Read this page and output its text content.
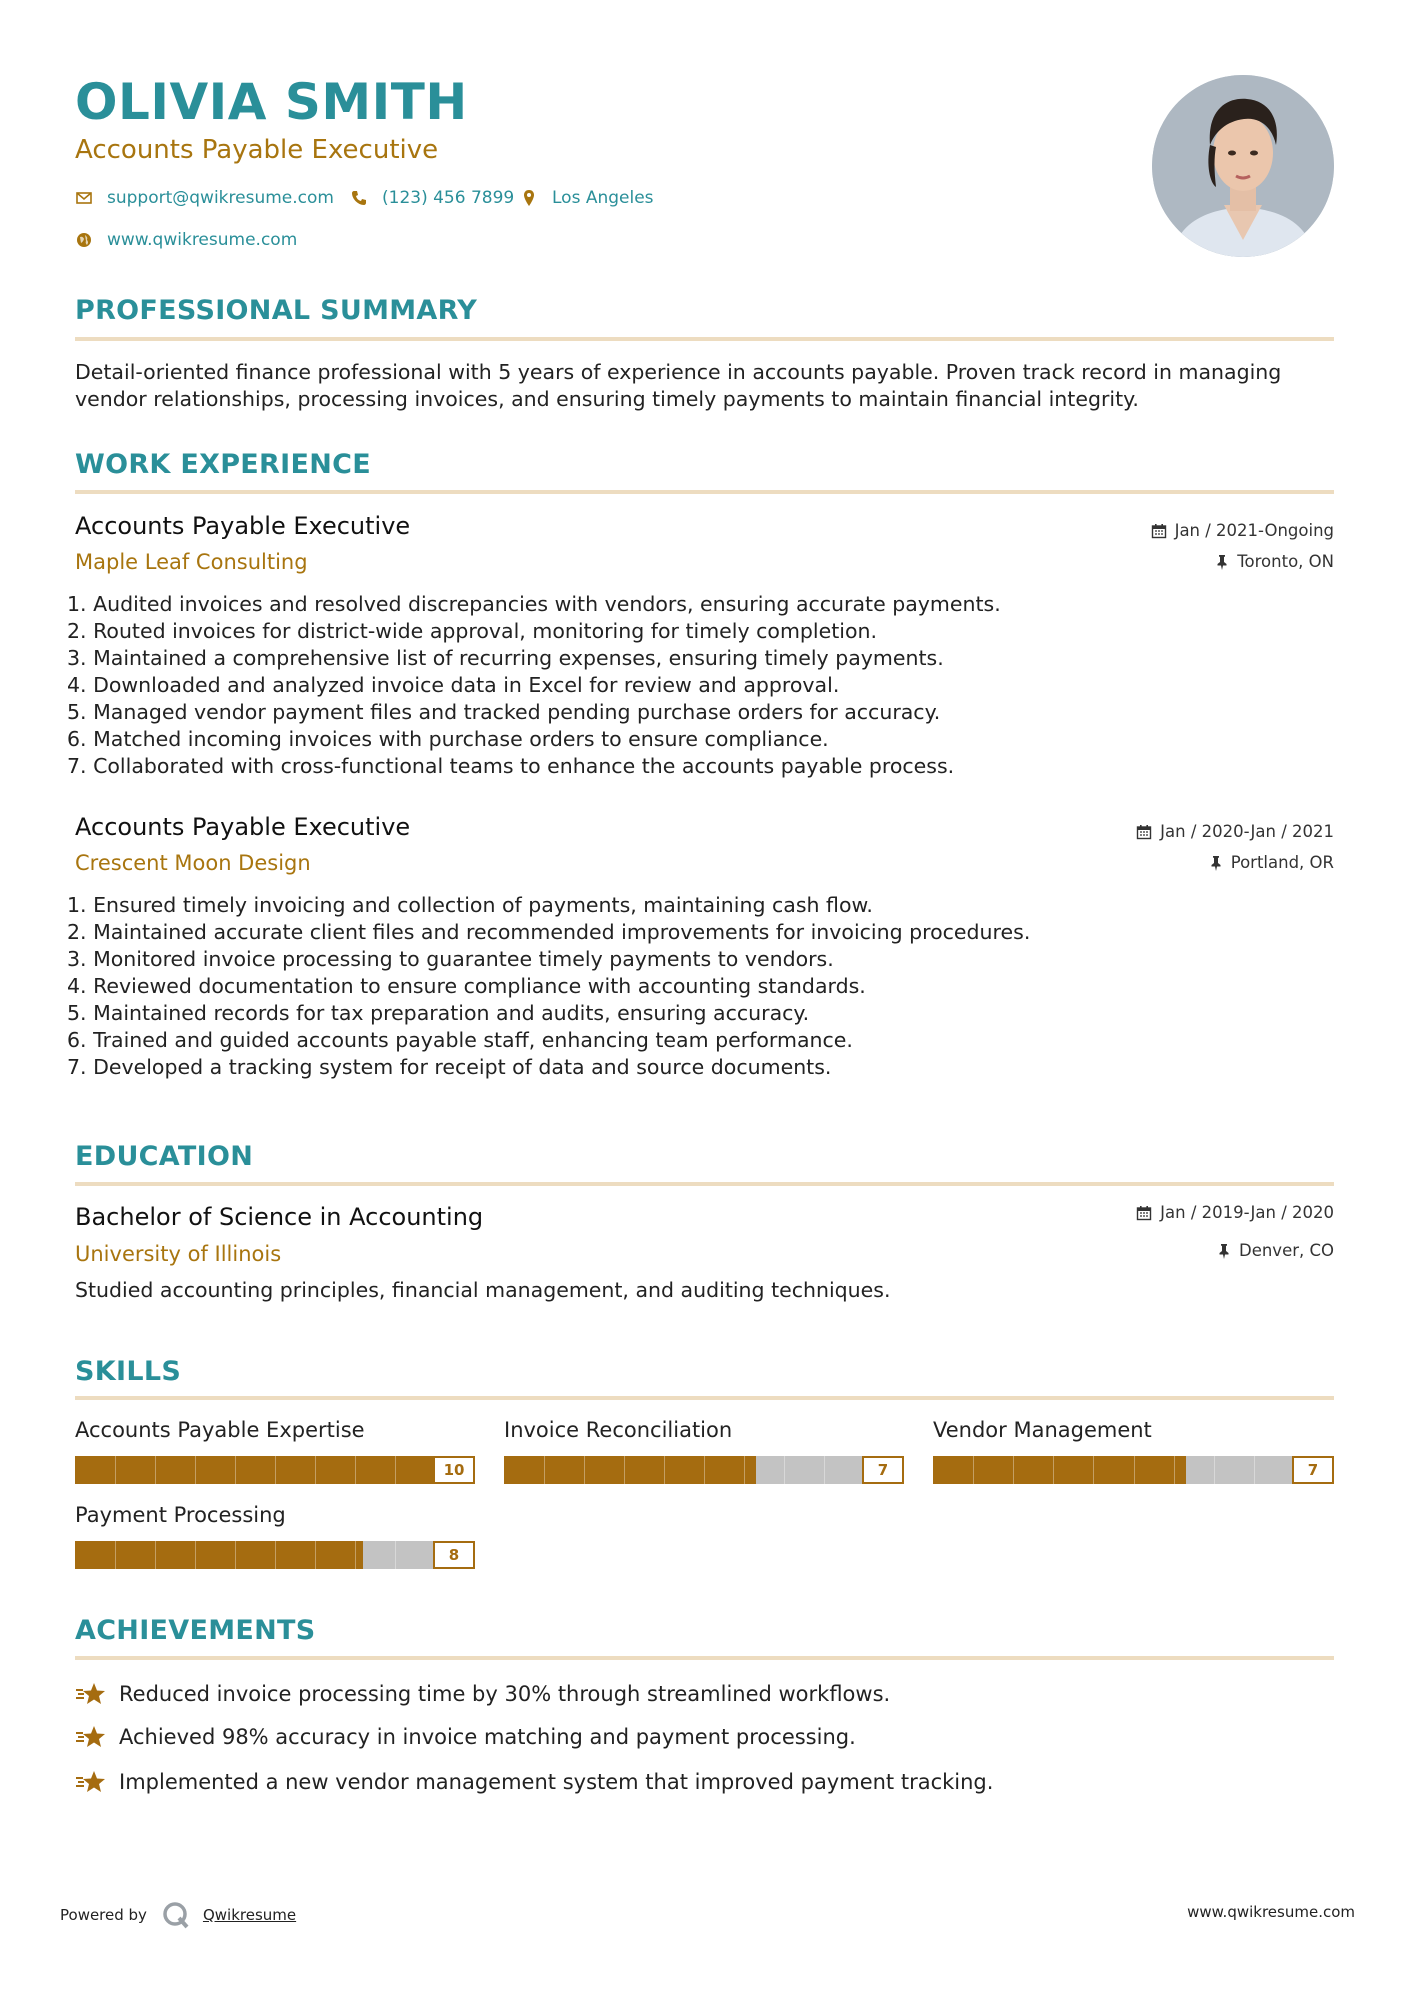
OLIVIA SMITH
Accounts Payable Executive
support@qwikresume.com	(123) 456 7899 Los Angeles
www.qwikresume.com
PROFESSIONAL SUMMARY
Detail-oriented finance professional with 5 years of experience in accounts payable. Proven track record in managing vendor relationships, processing invoices, and ensuring timely payments to maintain financial integrity.
WORK EXPERIENCE
Accounts Payable Executive
Maple Leaf Consulting
Jan / 2021-Ongoing
Toronto, ON
1. Audited invoices and resolved discrepancies with vendors, ensuring accurate payments.
2. Routed invoices for district-wide approval, monitoring for timely completion.
3. Maintained a comprehensive list of recurring expenses, ensuring timely payments.
4. Downloaded and analyzed invoice data in Excel for review and approval.
5. Managed vendor payment files and tracked pending purchase orders for accuracy.
6. Matched incoming invoices with purchase orders to ensure compliance.
7. Collaborated with cross-functional teams to enhance the accounts payable process.
Accounts Payable Executive
Crescent Moon Design
Jan / 2020-Jan / 2021
Portland, OR
1. Ensured timely invoicing and collection of payments, maintaining cash flow.
2. Maintained accurate client files and recommended improvements for invoicing procedures.
3. Monitored invoice processing to guarantee timely payments to vendors.
4. Reviewed documentation to ensure compliance with accounting standards.
5. Maintained records for tax preparation and audits, ensuring accuracy.
6. Trained and guided accounts payable staff, enhancing team performance.
7. Developed a tracking system for receipt of data and source documents.
EDUCATION
Bachelor of Science in Accounting
University of Illinois
Jan / 2019-Jan / 2020
Denver, CO
Studied accounting principles, financial management, and auditing techniques.
SKILLS
Accounts Payable Expertise
10
Invoice Reconciliation
7
Vendor Management
7
Payment Processing
8
ACHIEVEMENTS
Reduced invoice processing time by 30% through streamlined workflows.
Achieved 98% accuracy in invoice matching and payment processing.
Implemented a new vendor management system that improved payment tracking.
Powered by	Qwikresume	www.qwikresume.com
